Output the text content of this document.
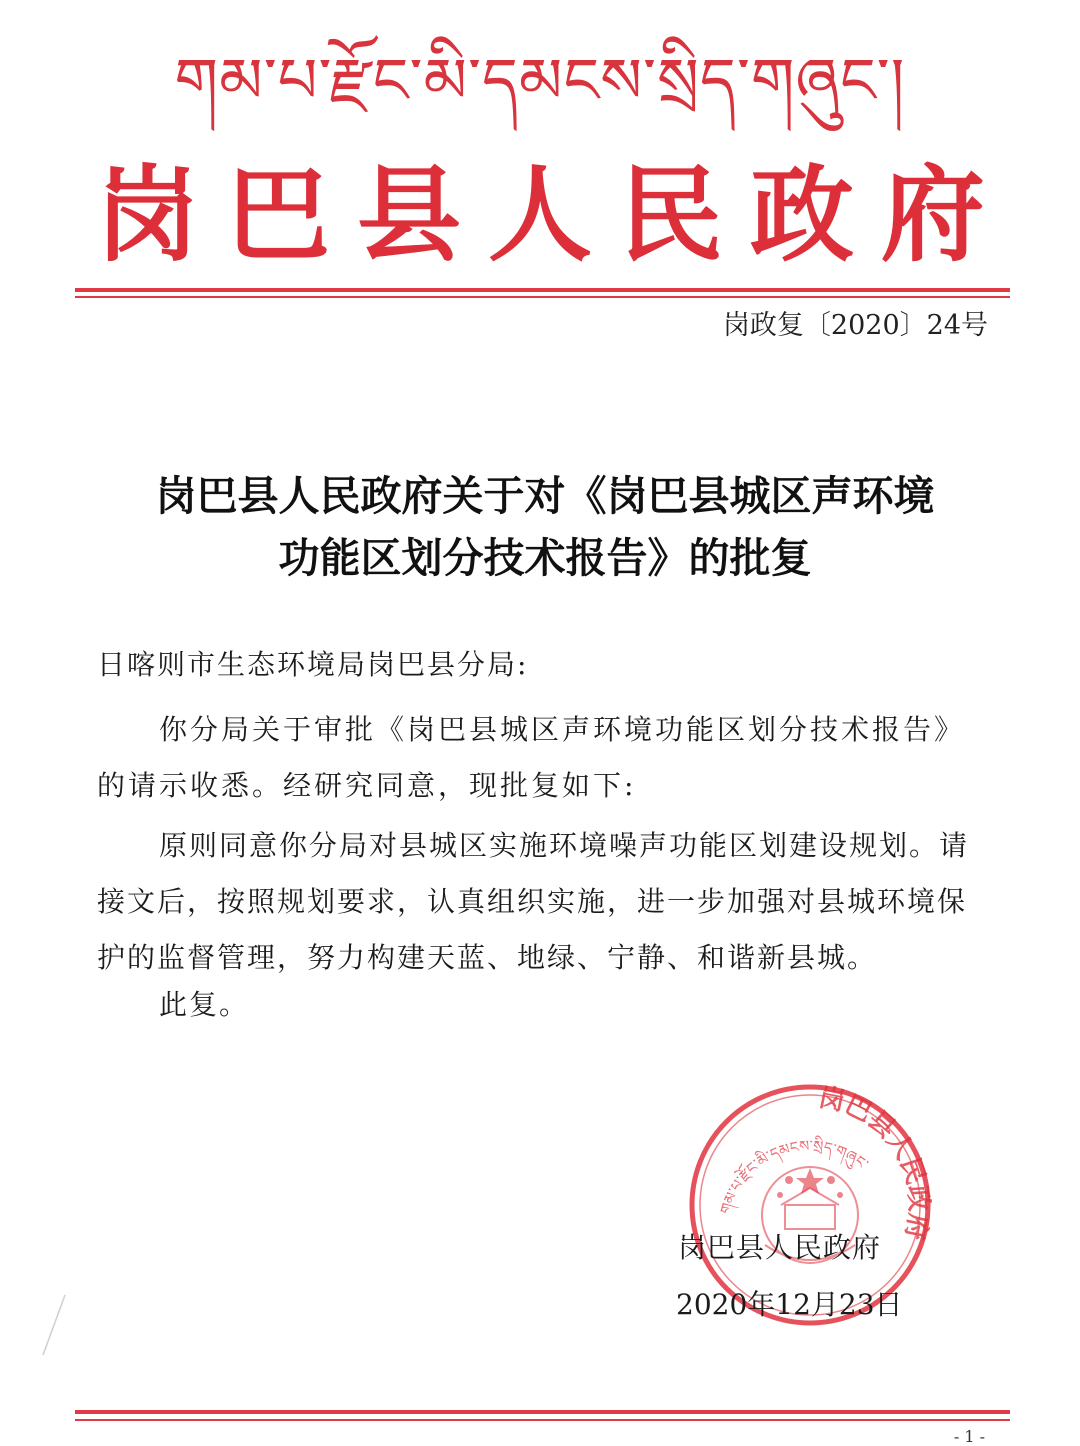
གམ་པ་རྫོང་མི་དམངས་སྲིད་གཞུང་།
岗 巴 县 人 民 政 府
岗政复〔2020〕24号
岗巴县人民政府关于对《岗巴县城区声环境
功能区划分技术报告》的批复
日喀则市生态环境局岗巴县分局:
你分局关于审批《岗巴县城区声环境功能区划分技术报告》的请示收悉。经研究同意，现批复如下:
原则同意你分局对县城区实施环境噪声功能区划建设规划。请接文后，按照规划要求，认真组织实施，进一步加强对县城环境保护的监督管理，努力构建天蓝、地绿、宁静、和谐新县城。
此复。
岗巴县人民政府
གམ་པ་རྫོང་མི་དམངས་སྲིད་གཞུང་
岗巴县人民政府
2020年12月23日
- 1 -
